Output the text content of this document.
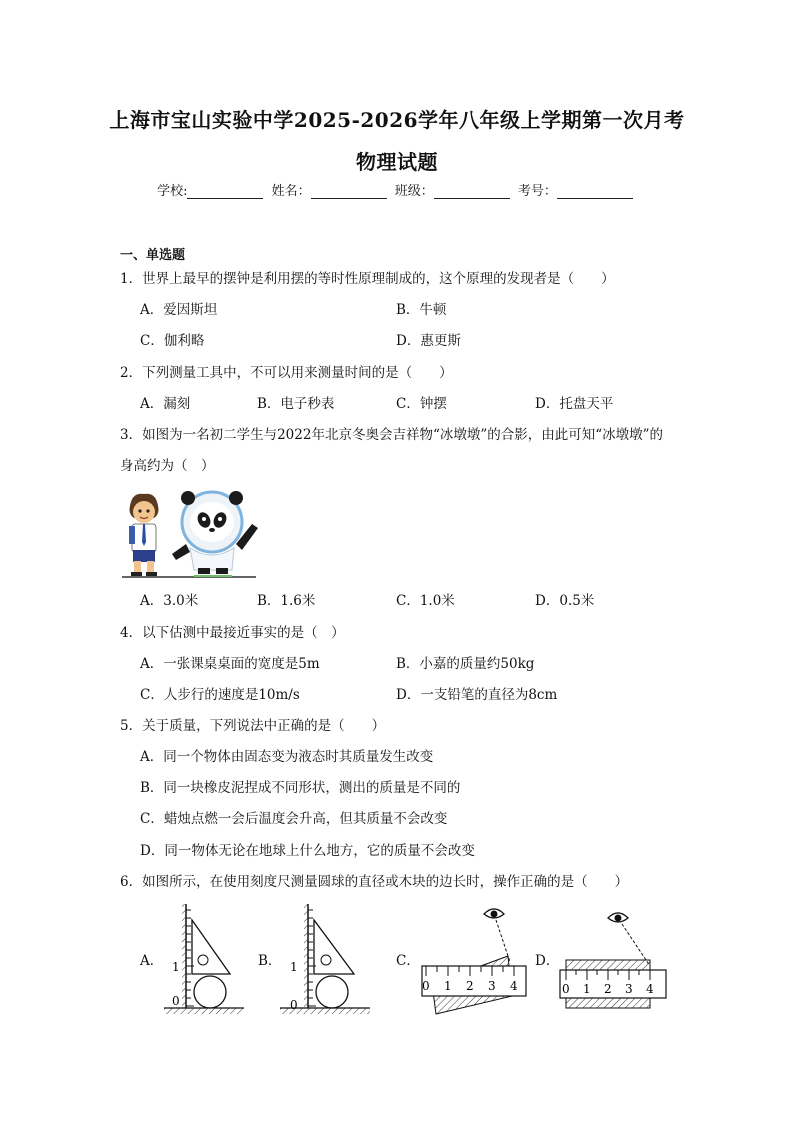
上海市宝山实验中学2025-2026学年八年级上学期第一次月考
物理试题
学校:	姓名：	班级：	考号：
一、单选题
1．世界上最早的摆钟是利用摆的等时性原理制成的，这个原理的发现者是（　　）
A．爱因斯坦	B．牛顿
C．伽利略	D．惠更斯
2．下列测量工具中，不可以用来测量时间的是（　　）
A．漏刻	B．电子秒表	C．钟摆	D．托盘天平
3．如图为一名初二学生与2022年北京冬奥会吉祥物“冰墩墩”的合影，由此可知“冰墩墩”的
身高约为（　）
A．3.0米	B．1.6米	C．1.0米	D．0.5米
4．以下估测中最接近事实的是（　）
A．一张课桌桌面的宽度是5m	B．小嘉的质量约50kg
C．人步行的速度是10m/s	D．一支铅笔的直径为8cm
5．关于质量，下列说法中正确的是（　　）
A．同一个物体由固态变为液态时其质量发生改变
B．同一块橡皮泥捏成不同形状，测出的质量是不同的
C．蜡烛点燃一会后温度会升高，但其质量不会改变
D．同一物体无论在地球上什么地方，它的质量不会改变
6．如图所示，在使用刻度尺测量圆球的直径或木块的边长时，操作正确的是（　　）
A． 1
0
B． 1
0
C．
0 1 2 3 4
D．
0 1 2 3 4
